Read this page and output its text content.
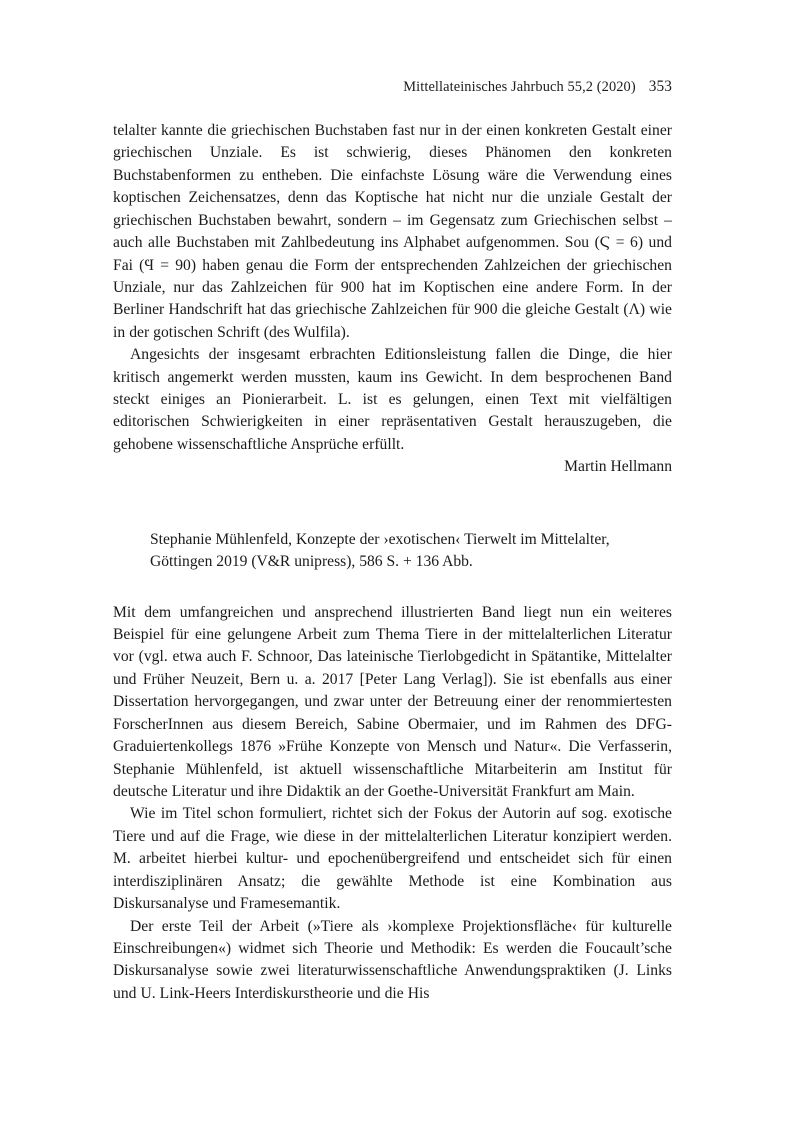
Mittellateinisches Jahrbuch 55,2 (2020) 353

telalter kannte die griechischen Buchstaben fast nur in der einen konkreten Gestalt einer griechischen Unziale. Es ist schwierig, dieses Phänomen den konkreten Buchstabenformen zu entheben. Die einfachste Lösung wäre die Verwendung eines koptischen Zeichensatzes, denn das Koptische hat nicht nur die unziale Gestalt der griechischen Buchstaben bewahrt, sondern – im Gegensatz zum Griechischen selbst – auch alle Buchstaben mit Zahlbedeutung ins Alphabet aufgenommen. Sou (Ϛ = 6) und Fai (Ϥ = 90) haben genau die Form der entsprechenden Zahlzeichen der griechischen Unziale, nur das Zahlzeichen für 900 hat im Koptischen eine andere Form. In der Berliner Handschrift hat das griechische Zahlzeichen für 900 die gleiche Gestalt (Ʌ) wie in der gotischen Schrift (des Wulfila).

Angesichts der insgesamt erbrachten Editionsleistung fallen die Dinge, die hier kritisch angemerkt werden mussten, kaum ins Gewicht. In dem besprochenen Band steckt einiges an Pionierarbeit. L. ist es gelungen, einen Text mit vielfältigen editorischen Schwierigkeiten in einer repräsentativen Gestalt herauszugeben, die gehobene wissenschaftliche Ansprüche erfüllt.

Martin Hellmann

Stephanie Mühlenfeld, Konzepte der ›exotischen‹ Tierwelt im Mittelalter,
Göttingen 2019 (V&R unipress), 586 S. + 136 Abb.

Mit dem umfangreichen und ansprechend illustrierten Band liegt nun ein weiteres Beispiel für eine gelungene Arbeit zum Thema Tiere in der mittelalterlichen Literatur vor (vgl. etwa auch F. Schnoor, Das lateinische Tierlobgedicht in Spätantike, Mittelalter und Früher Neuzeit, Bern u. a. 2017 [Peter Lang Verlag]). Sie ist ebenfalls aus einer Dissertation hervorgegangen, und zwar unter der Betreuung einer der renommiertesten ForscherInnen aus diesem Bereich, Sabine Obermaier, und im Rahmen des DFG-Graduiertenkollegs 1876 »Frühe Konzepte von Mensch und Natur«. Die Verfasserin, Stephanie Mühlenfeld, ist aktuell wissenschaftliche Mitarbeiterin am Institut für deutsche Literatur und ihre Didaktik an der Goethe-Universität Frankfurt am Main.

Wie im Titel schon formuliert, richtet sich der Fokus der Autorin auf sog. exotische Tiere und auf die Frage, wie diese in der mittelalterlichen Literatur konzipiert werden. M. arbeitet hierbei kultur- und epochenübergreifend und entscheidet sich für einen interdisziplinären Ansatz; die gewählte Methode ist eine Kombination aus Diskursanalyse und Framesemantik.

Der erste Teil der Arbeit (»Tiere als ›komplexe Projektionsfläche‹ für kulturelle Einschreibungen«) widmet sich Theorie und Methodik: Es werden die Foucault’sche Diskursanalyse sowie zwei literaturwissenschaftliche Anwendungspraktiken (J. Links und U. Link-Heers Interdiskurstheorie und die His
